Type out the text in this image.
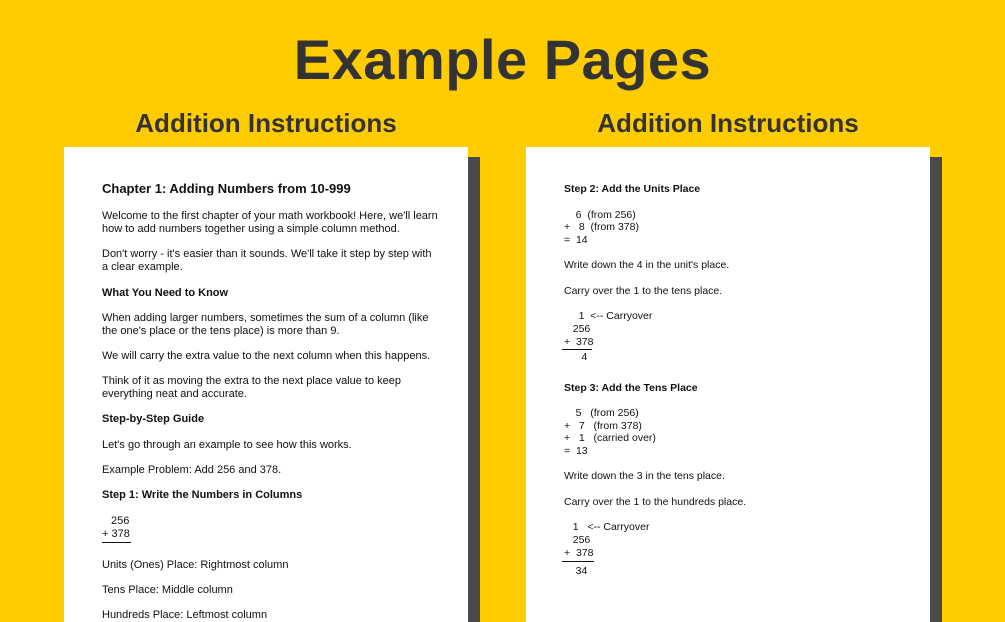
Example Pages
Addition Instructions	Addition Instructions

Chapter 1: Adding Numbers from 10-999

Welcome to the first chapter of your math workbook! Here, we'll learn how to add numbers together using a simple column method.

Don't worry - it's easier than it sounds. We'll take it step by step with a clear example.

What You Need to Know

When adding larger numbers, sometimes the sum of a column (like the one's place or the tens place) is more than 9.

We will carry the extra value to the next column when this happens.

Think of it as moving the extra to the next place value to keep everything neat and accurate.

Step-by-Step Guide

Let's go through an example to see how this works.

Example Problem: Add 256 and 378.

Step 1: Write the Numbers in Columns

256

+ 378

Units (Ones) Place: Rightmost column

Tens Place: Middle column

Hundreds Place: Leftmost column

Step 2: Add the Units Place

6  (from 256)

+   8  (from 378)

=  14

Write down the 4 in the unit's place.

Carry over the 1 to the tens place.

1  <-- Carryover

256

+  378

4

Step 3: Add the Tens Place

5   (from 256)

+   7   (from 378)

+   1   (carried over)

=  13

Write down the 3 in the tens place.

Carry over the 1 to the hundreds place.

1   <-- Carryover

256

+  378

34
